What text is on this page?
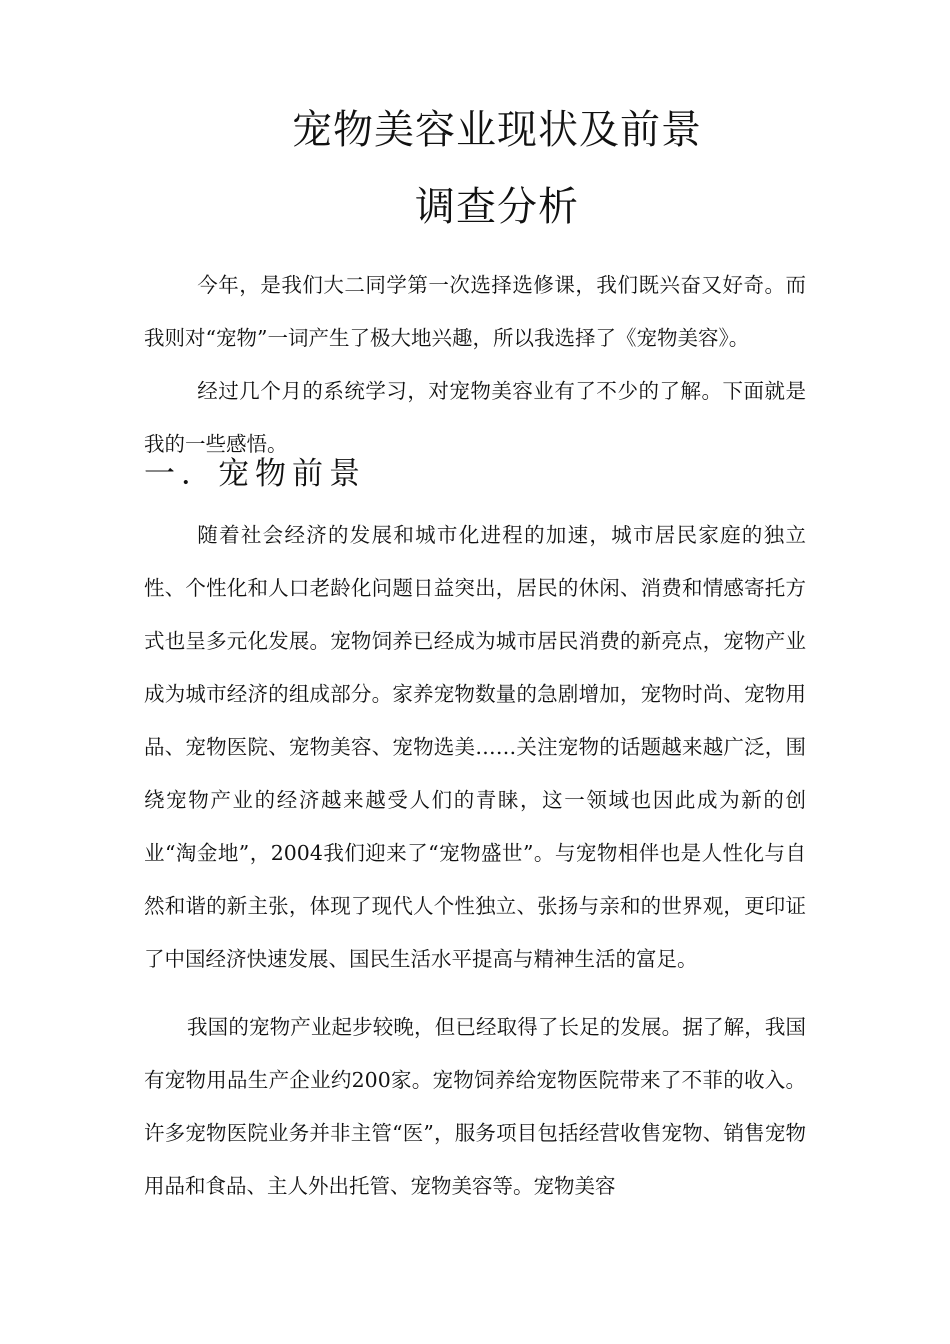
宠物美容业现状及前景
调查分析

今年，是我们大二同学第一次选择选修课，我们既兴奋又好奇。而我则对“宠物”一词产生了极大地兴趣，所以我选择了《宠物美容》。

经过几个月的系统学习，对宠物美容业有了不少的了解。下面就是我的一些感悟。

一．宠物前景

随着社会经济的发展和城市化进程的加速，城市居民家庭的独立性、个性化和人口老龄化问题日益突出，居民的休闲、消费和情感寄托方式也呈多元化发展。宠物饲养已经成为城市居民消费的新亮点，宠物产业成为城市经济的组成部分。家养宠物数量的急剧增加，宠物时尚、宠物用品、宠物医院、宠物美容、宠物选美……关注宠物的话题越来越广泛，围绕宠物产业的经济越来越受人们的青睐，这一领域也因此成为新的创业“淘金地”，2004我们迎来了“宠物盛世”。与宠物相伴也是人性化与自然和谐的新主张，体现了现代人个性独立、张扬与亲和的世界观，更印证了中国经济快速发展、国民生活水平提高与精神生活的富足。

我国的宠物产业起步较晚，但已经取得了长足的发展。据了解，我国有宠物用品生产企业约200家。宠物饲养给宠物医院带来了不菲的收入。许多宠物医院业务并非主管“医”，服务项目包括经营收售宠物、销售宠物用品和食品、主人外出托管、宠物美容等。宠物美容
